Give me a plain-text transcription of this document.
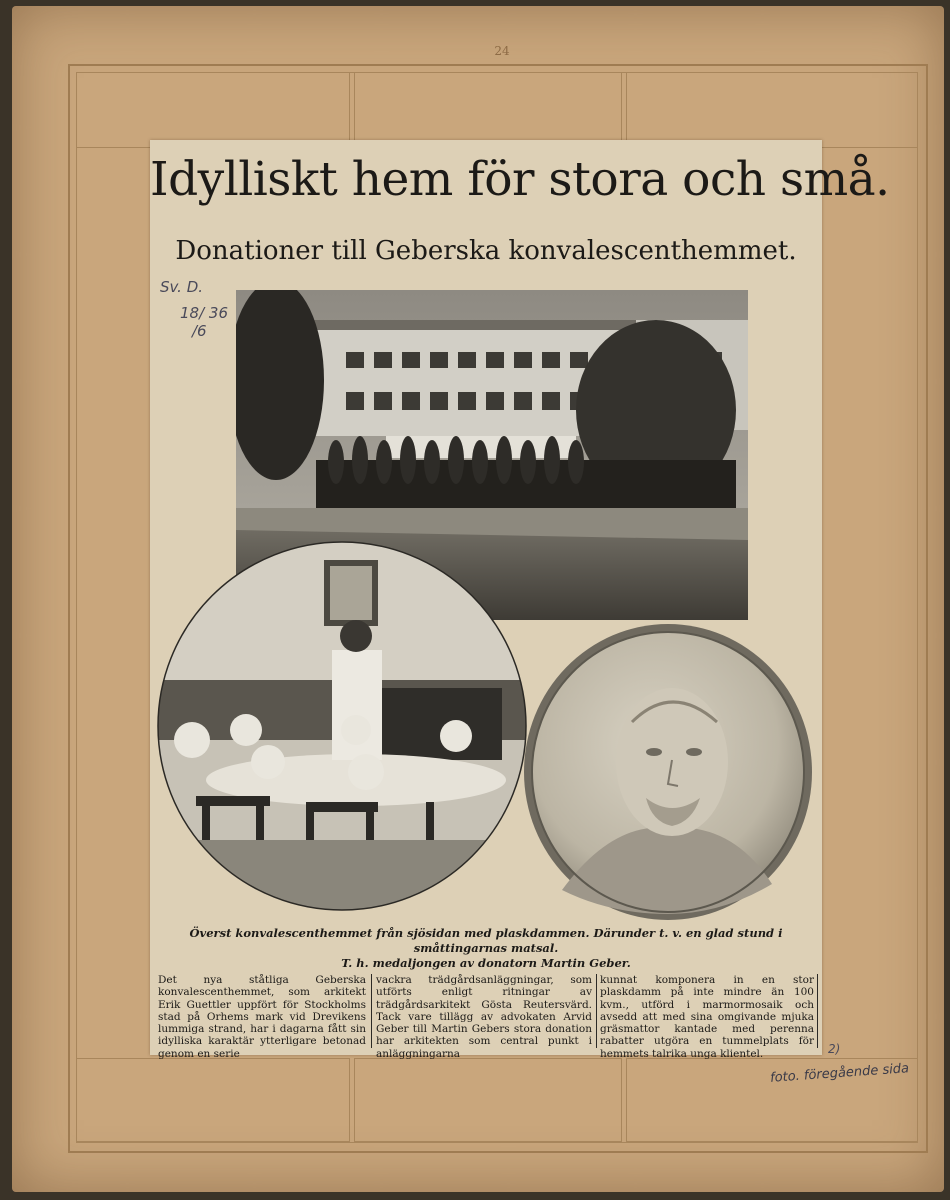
24
Idylliskt hem för stora och små.
Donationer till Geberska konvalescenthemmet.
Sv. D.
18/ 36
/6
Överst konvalescenthemmet från sjösidan med plaskdammen. Därunder t. v. en glad stund i småttingarnas matsal.
T. h. medaljongen av donatorn Martin Geber.
Det nya ståtliga Geberska konvalescenthemmet, som arkitekt Erik Guettler uppfört för Stockholms stad på Orhems mark vid Drevikens lummiga strand, har i dagarna fått sin idylliska karaktär ytterligare betonad genom en serie
vackra trädgårdsanläggningar, som utförts enligt ritningar av trädgårdsarkitekt Gösta Reutersvärd. Tack vare tillägg av advokaten Arvid Geber till Martin Gebers stora donation har arkitekten som central punkt i anläggningarna
kunnat komponera in en stor plaskdamm på inte mindre än 100 kvm., utförd i marmormosaik och avsedd att med sina omgivande mjuka gräsmattor kantade med perenna rabatter utgöra en tummelplats för hemmets talrika unga klientel.	2)
foto. föregående sida
